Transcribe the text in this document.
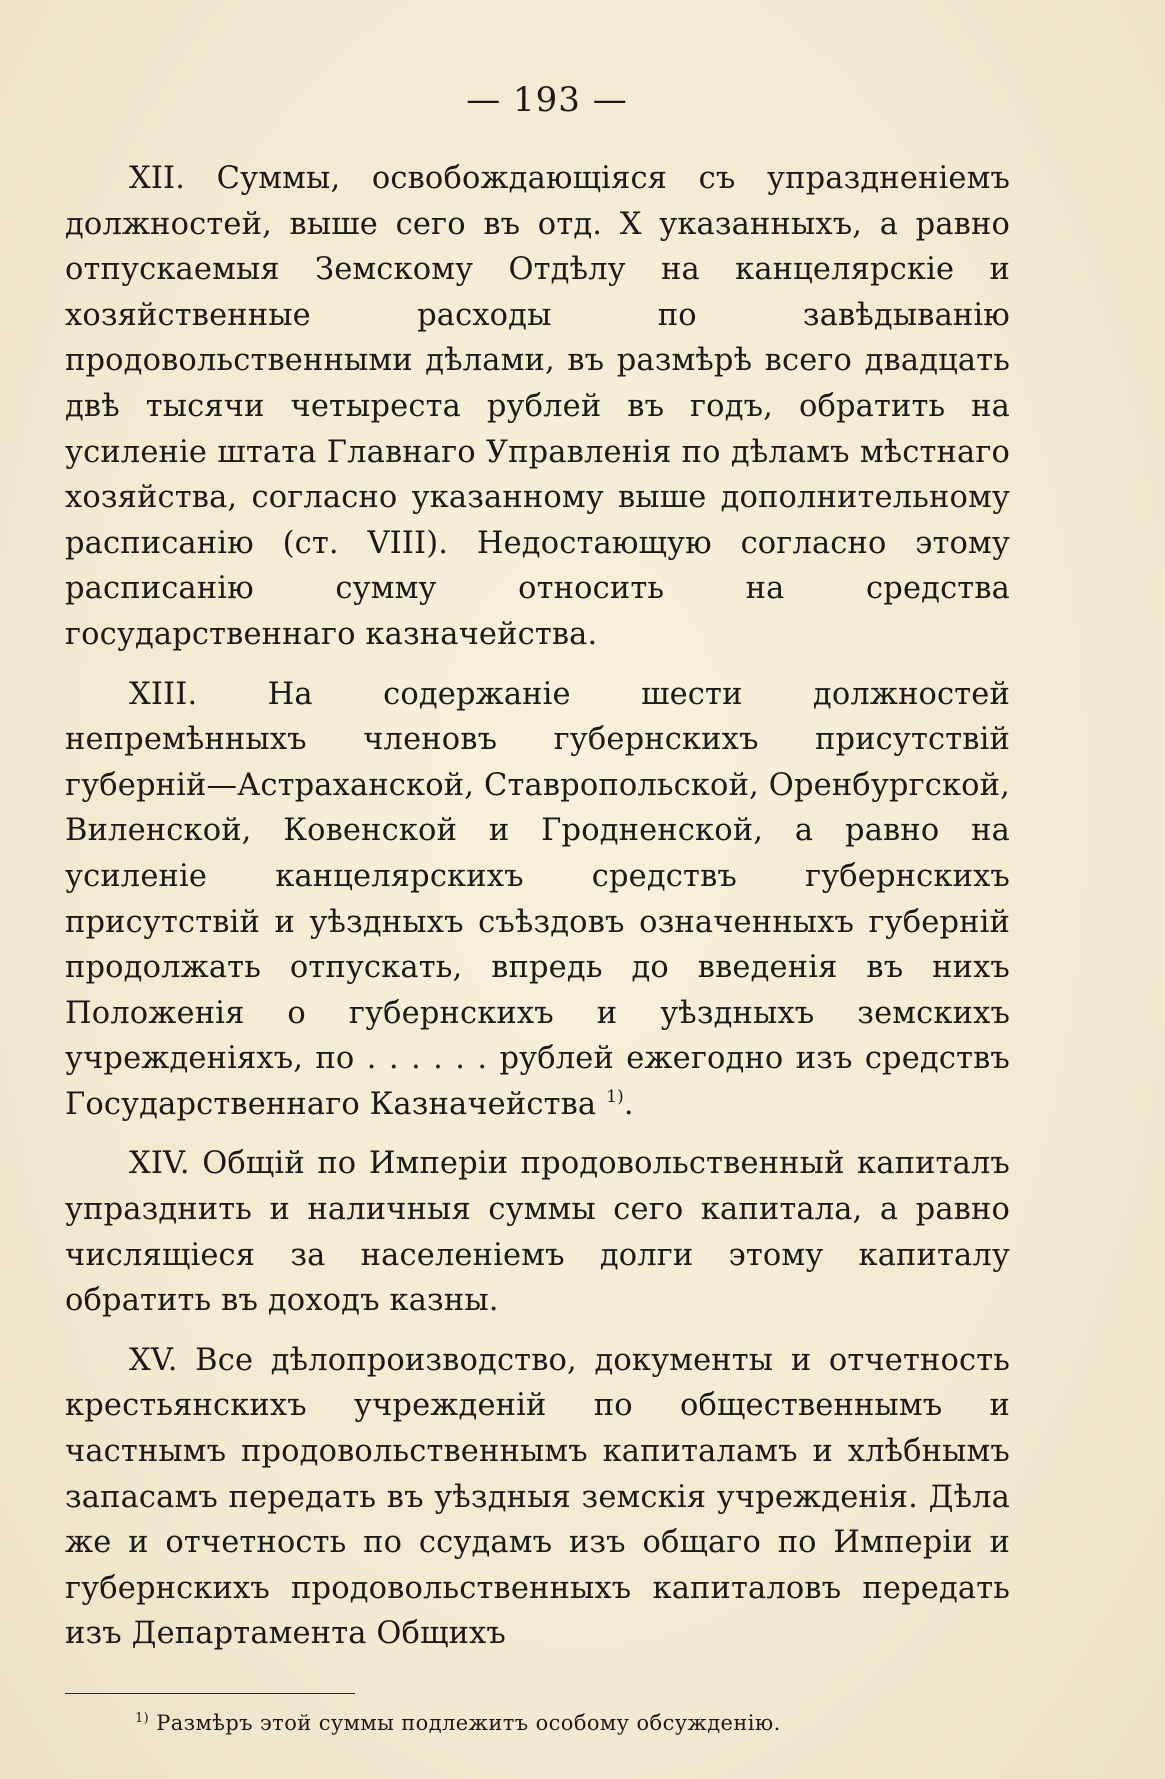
— 193 —

XII. Суммы, освобождающіяся съ упраздненіемъ должностей, выше сего въ отд. X указанныхъ, а равно отпускаемыя Земскому Отдѣлу на канцелярскіе и хозяйственные расходы по завѣдыванію продовольственными дѣлами, въ размѣрѣ всего двадцать двѣ тысячи четыреста рублей въ годъ, обратить на усиленіе штата Главнаго Управленія по дѣламъ мѣстнаго хозяйства, согласно указанному выше дополнительному расписанію (ст. VIII). Недостающую согласно этому расписанію сумму относить на средства государственнаго казначейства.

XIII. На содержаніе шести должностей непремѣнныхъ членовъ губернскихъ присутствій губерній—Астраханской, Ставропольской, Оренбургской, Виленской, Ковенской и Гродненской, а равно на усиленіе канцелярскихъ средствъ губернскихъ присутствій и уѣздныхъ съѣздовъ означенныхъ губерній продолжать отпускать, впредь до введенія въ нихъ Положенія о губернскихъ и уѣздныхъ земскихъ учрежденіяхъ, по . . . . . . рублей ежегодно изъ средствъ Государственнаго Казначейства $^{1)}$.

XIV. Общій по Имперіи продовольственный капиталъ упразднить и наличныя суммы сего капитала, а равно числящіеся за населеніемъ долги этому капиталу обратить въ доходъ казны.

XV. Все дѣлопроизводство, документы и отчетность крестьянскихъ учрежденій по общественнымъ и частнымъ продовольственнымъ капиталамъ и хлѣбнымъ запасамъ передать въ уѣздныя земскія учрежденія. Дѣла же и отчетность по ссудамъ изъ общаго по Имперіи и губернскихъ продовольственныхъ капиталовъ передать изъ Департамента Общихъ

$^{1)}$ Размѣръ этой суммы подлежитъ особому обсужденію.
